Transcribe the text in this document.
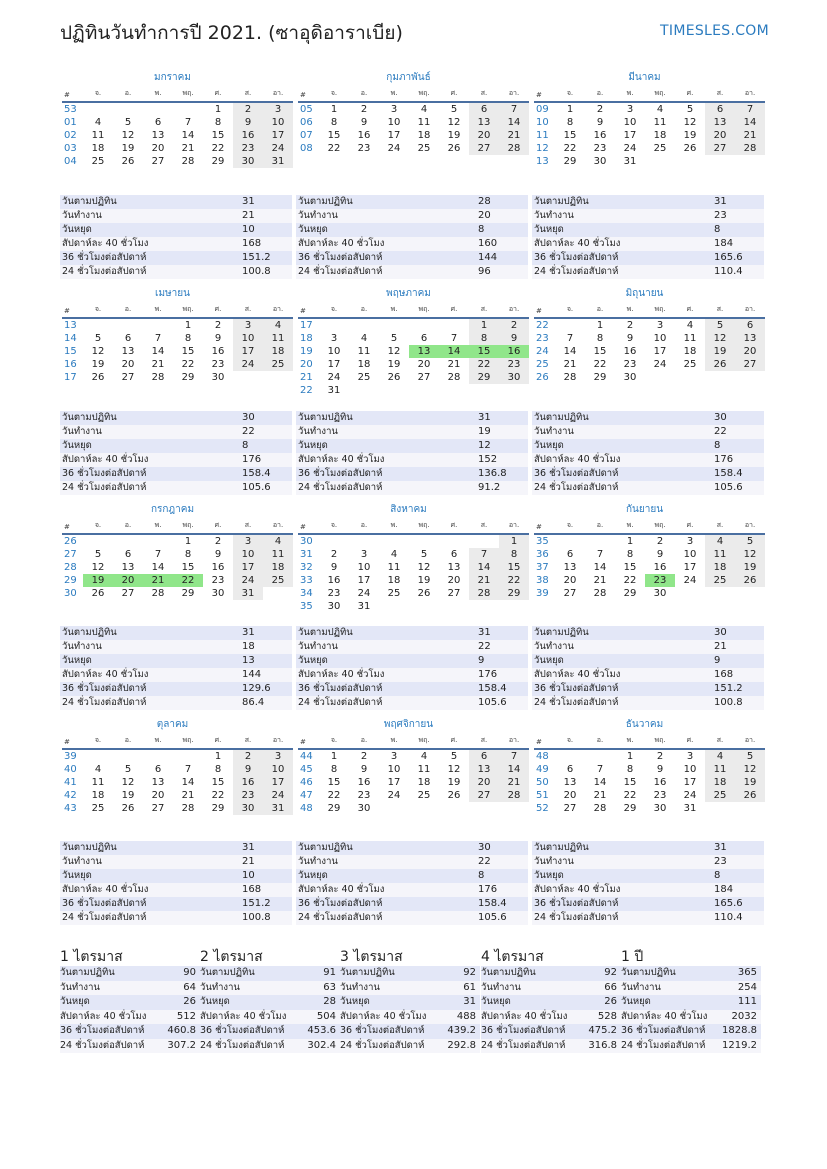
ปฏิทินวันทำการปี 2021. (ซาอุดิอาราเบีย)	TIMESLES.COM
มกราคม
#	จ.	อ.	พ.	พฤ.	ศ.	ส.	อา.
53					1	2	3
01	4	5	6	7	8	9	10
02	11	12	13	14	15	16	17
03	18	19	20	21	22	23	24
04	25	26	27	28	29	30	31
วันตามปฏิทิน	31
วันทำงาน	21
วันหยุด	10
สัปดาห์ละ 40 ชั่วโมง	168
36 ชั่วโมงต่อสัปดาห์	151.2
24 ชั่วโมงต่อสัปดาห์	100.8
กุมภาพันธ์
#	จ.	อ.	พ.	พฤ.	ศ.	ส.	อา.
05	1	2	3	4	5	6	7
06	8	9	10	11	12	13	14
07	15	16	17	18	19	20	21
08	22	23	24	25	26	27	28
วันตามปฏิทิน	28
วันทำงาน	20
วันหยุด	8
สัปดาห์ละ 40 ชั่วโมง	160
36 ชั่วโมงต่อสัปดาห์	144
24 ชั่วโมงต่อสัปดาห์	96
มีนาคม
#	จ.	อ.	พ.	พฤ.	ศ.	ส.	อา.
09	1	2	3	4	5	6	7
10	8	9	10	11	12	13	14
11	15	16	17	18	19	20	21
12	22	23	24	25	26	27	28
13	29	30	31				
วันตามปฏิทิน	31
วันทำงาน	23
วันหยุด	8
สัปดาห์ละ 40 ชั่วโมง	184
36 ชั่วโมงต่อสัปดาห์	165.6
24 ชั่วโมงต่อสัปดาห์	110.4
เมษายน
#	จ.	อ.	พ.	พฤ.	ศ.	ส.	อา.
13				1	2	3	4
14	5	6	7	8	9	10	11
15	12	13	14	15	16	17	18
16	19	20	21	22	23	24	25
17	26	27	28	29	30		
วันตามปฏิทิน	30
วันทำงาน	22
วันหยุด	8
สัปดาห์ละ 40 ชั่วโมง	176
36 ชั่วโมงต่อสัปดาห์	158.4
24 ชั่วโมงต่อสัปดาห์	105.6
พฤษภาคม
#	จ.	อ.	พ.	พฤ.	ศ.	ส.	อา.
17						1	2
18	3	4	5	6	7	8	9
19	10	11	12	13	14	15	16
20	17	18	19	20	21	22	23
21	24	25	26	27	28	29	30
22	31						
วันตามปฏิทิน	31
วันทำงาน	19
วันหยุด	12
สัปดาห์ละ 40 ชั่วโมง	152
36 ชั่วโมงต่อสัปดาห์	136.8
24 ชั่วโมงต่อสัปดาห์	91.2
มิถุนายน
#	จ.	อ.	พ.	พฤ.	ศ.	ส.	อา.
22		1	2	3	4	5	6
23	7	8	9	10	11	12	13
24	14	15	16	17	18	19	20
25	21	22	23	24	25	26	27
26	28	29	30				
วันตามปฏิทิน	30
วันทำงาน	22
วันหยุด	8
สัปดาห์ละ 40 ชั่วโมง	176
36 ชั่วโมงต่อสัปดาห์	158.4
24 ชั่วโมงต่อสัปดาห์	105.6
กรกฎาคม
#	จ.	อ.	พ.	พฤ.	ศ.	ส.	อา.
26				1	2	3	4
27	5	6	7	8	9	10	11
28	12	13	14	15	16	17	18
29	19	20	21	22	23	24	25
30	26	27	28	29	30	31	
วันตามปฏิทิน	31
วันทำงาน	18
วันหยุด	13
สัปดาห์ละ 40 ชั่วโมง	144
36 ชั่วโมงต่อสัปดาห์	129.6
24 ชั่วโมงต่อสัปดาห์	86.4
สิงหาคม
#	จ.	อ.	พ.	พฤ.	ศ.	ส.	อา.
30							1
31	2	3	4	5	6	7	8
32	9	10	11	12	13	14	15
33	16	17	18	19	20	21	22
34	23	24	25	26	27	28	29
35	30	31					
วันตามปฏิทิน	31
วันทำงาน	22
วันหยุด	9
สัปดาห์ละ 40 ชั่วโมง	176
36 ชั่วโมงต่อสัปดาห์	158.4
24 ชั่วโมงต่อสัปดาห์	105.6
กันยายน
#	จ.	อ.	พ.	พฤ.	ศ.	ส.	อา.
35			1	2	3	4	5
36	6	7	8	9	10	11	12
37	13	14	15	16	17	18	19
38	20	21	22	23	24	25	26
39	27	28	29	30			
วันตามปฏิทิน	30
วันทำงาน	21
วันหยุด	9
สัปดาห์ละ 40 ชั่วโมง	168
36 ชั่วโมงต่อสัปดาห์	151.2
24 ชั่วโมงต่อสัปดาห์	100.8
ตุลาคม
#	จ.	อ.	พ.	พฤ.	ศ.	ส.	อา.
39					1	2	3
40	4	5	6	7	8	9	10
41	11	12	13	14	15	16	17
42	18	19	20	21	22	23	24
43	25	26	27	28	29	30	31
วันตามปฏิทิน	31
วันทำงาน	21
วันหยุด	10
สัปดาห์ละ 40 ชั่วโมง	168
36 ชั่วโมงต่อสัปดาห์	151.2
24 ชั่วโมงต่อสัปดาห์	100.8
พฤศจิกายน
#	จ.	อ.	พ.	พฤ.	ศ.	ส.	อา.
44	1	2	3	4	5	6	7
45	8	9	10	11	12	13	14
46	15	16	17	18	19	20	21
47	22	23	24	25	26	27	28
48	29	30					
วันตามปฏิทิน	30
วันทำงาน	22
วันหยุด	8
สัปดาห์ละ 40 ชั่วโมง	176
36 ชั่วโมงต่อสัปดาห์	158.4
24 ชั่วโมงต่อสัปดาห์	105.6
ธันวาคม
#	จ.	อ.	พ.	พฤ.	ศ.	ส.	อา.
48			1	2	3	4	5
49	6	7	8	9	10	11	12
50	13	14	15	16	17	18	19
51	20	21	22	23	24	25	26
52	27	28	29	30	31		
วันตามปฏิทิน	31
วันทำงาน	23
วันหยุด	8
สัปดาห์ละ 40 ชั่วโมง	184
36 ชั่วโมงต่อสัปดาห์	165.6
24 ชั่วโมงต่อสัปดาห์	110.4
1 ไตรมาส
วันตามปฏิทิน	90
วันทำงาน	64
วันหยุด	26
สัปดาห์ละ 40 ชั่วโมง	512
36 ชั่วโมงต่อสัปดาห์ 460.8
24 ชั่วโมงต่อสัปดาห์ 307.2
2 ไตรมาส
วันตามปฏิทิน	91
วันทำงาน	63
วันหยุด	28
สัปดาห์ละ 40 ชั่วโมง	504
36 ชั่วโมงต่อสัปดาห์ 453.6
24 ชั่วโมงต่อสัปดาห์ 302.4
3 ไตรมาส
วันตามปฏิทิน	92
วันทำงาน	61
วันหยุด	31
สัปดาห์ละ 40 ชั่วโมง	488
36 ชั่วโมงต่อสัปดาห์ 439.2
24 ชั่วโมงต่อสัปดาห์ 292.8
4 ไตรมาส
วันตามปฏิทิน	92
วันทำงาน	66
วันหยุด	26
สัปดาห์ละ 40 ชั่วโมง	528
36 ชั่วโมงต่อสัปดาห์ 475.2
24 ชั่วโมงต่อสัปดาห์ 316.8
1 ปี
วันตามปฏิทิน	365
วันทำงาน	254
วันหยุด	111
สัปดาห์ละ 40 ชั่วโมง 2032
36 ชั่วโมงต่อสัปดาห์ 1828.8
24 ชั่วโมงต่อสัปดาห์ 1219.2
